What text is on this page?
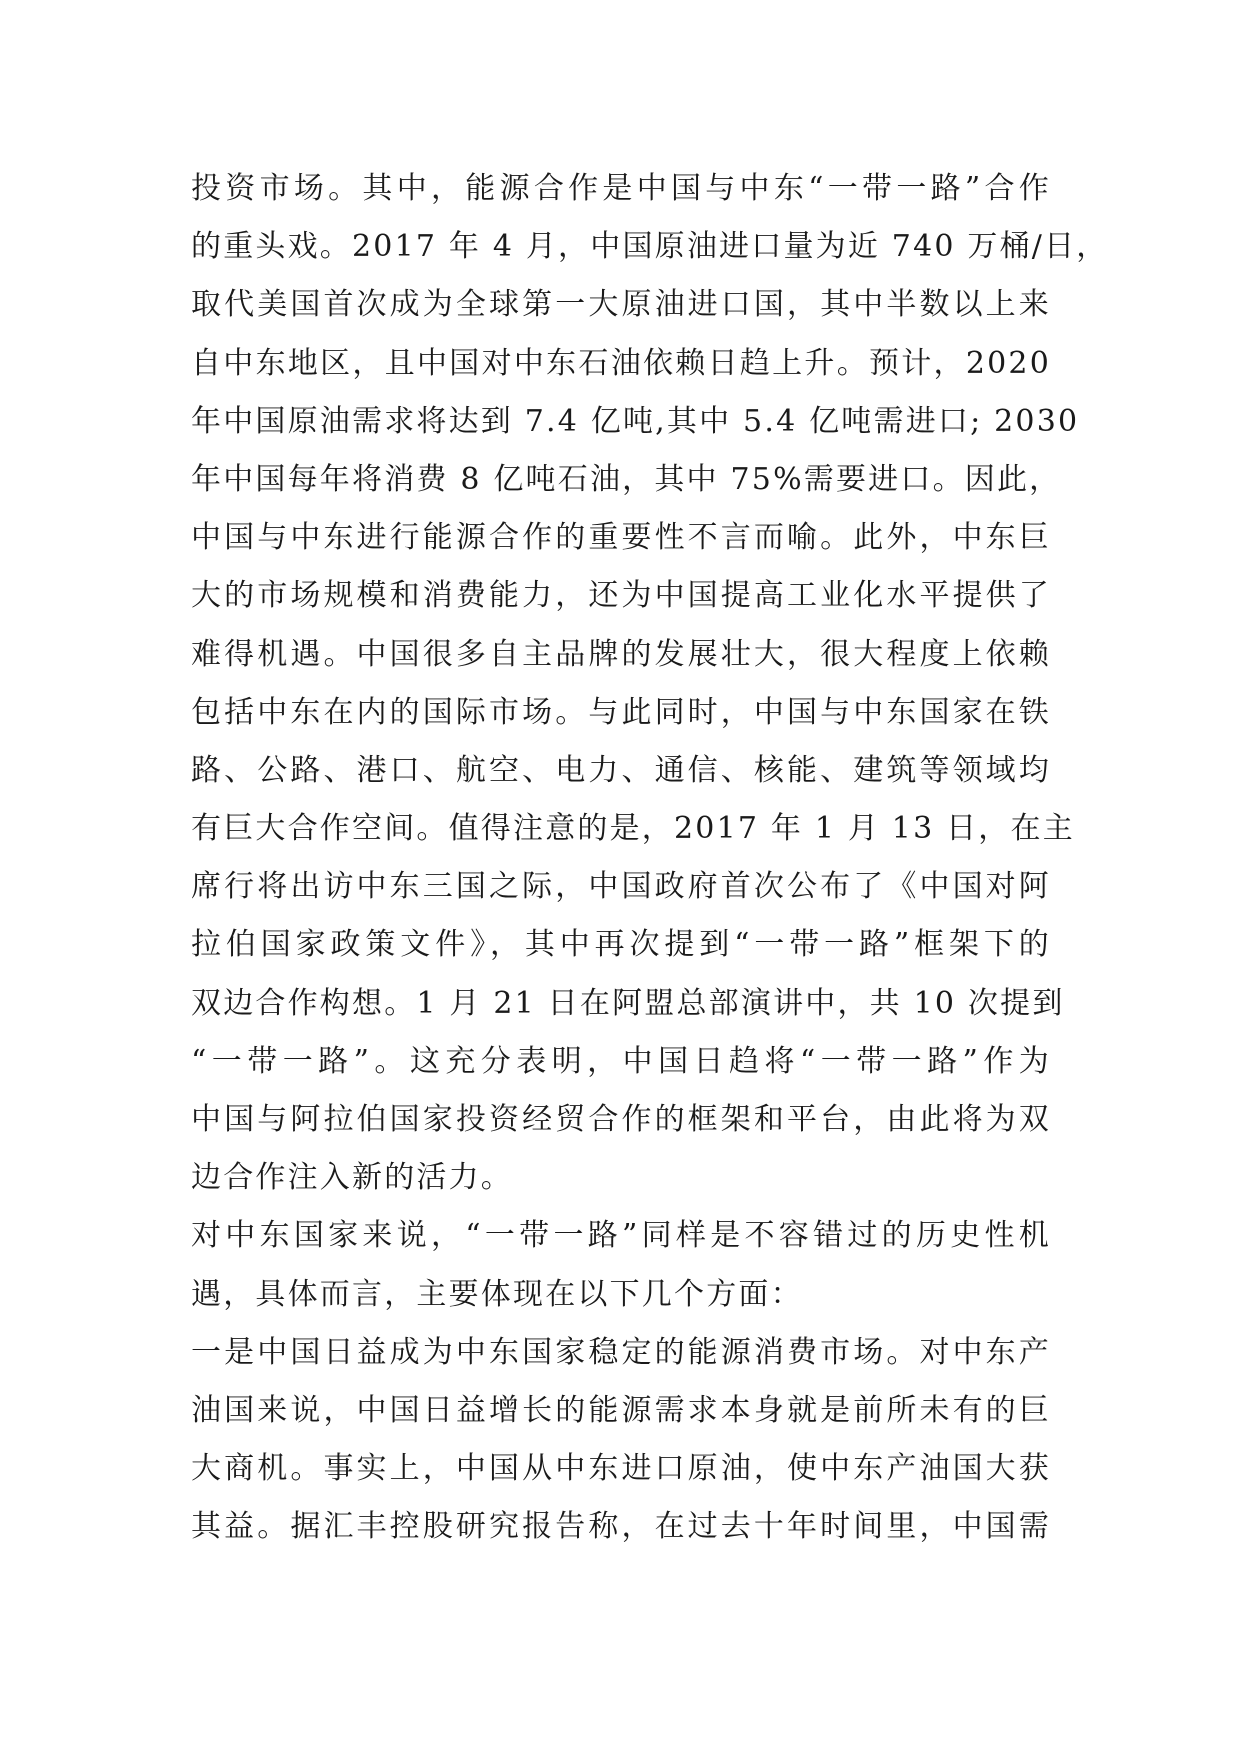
投资市场。其中，能源合作是中国与中东“一带一路”合作
的重头戏。2017 年 4 月，中国原油进口量为近 740 万桶/日，
取代美国首次成为全球第一大原油进口国，其中半数以上来
自中东地区，且中国对中东石油依赖日趋上升。预计，2020
年中国原油需求将达到 7.4 亿吨,其中 5.4 亿吨需进口; 2030
年中国每年将消费 8 亿吨石油，其中 75%需要进口。因此，
中国与中东进行能源合作的重要性不言而喻。此外，中东巨
大的市场规模和消费能力，还为中国提高工业化水平提供了
难得机遇。中国很多自主品牌的发展壮大，很大程度上依赖
包括中东在内的国际市场。与此同时，中国与中东国家在铁
路、公路、港口、航空、电力、通信、核能、建筑等领域均
有巨大合作空间。值得注意的是，2017 年 1 月 13 日，在主
席行将出访中东三国之际，中国政府首次公布了《中国对阿
拉伯国家政策文件》，其中再次提到“一带一路”框架下的
双边合作构想。1 月 21 日在阿盟总部演讲中，共 10 次提到
“一带一路”。这充分表明，中国日趋将“一带一路”作为
中国与阿拉伯国家投资经贸合作的框架和平台，由此将为双
边合作注入新的活力。
对中东国家来说，“一带一路”同样是不容错过的历史性机
遇，具体而言，主要体现在以下几个方面：
一是中国日益成为中东国家稳定的能源消费市场。对中东产
油国来说，中国日益增长的能源需求本身就是前所未有的巨
大商机。事实上，中国从中东进口原油，使中东产油国大获
其益。据汇丰控股研究报告称，在过去十年时间里，中国需
